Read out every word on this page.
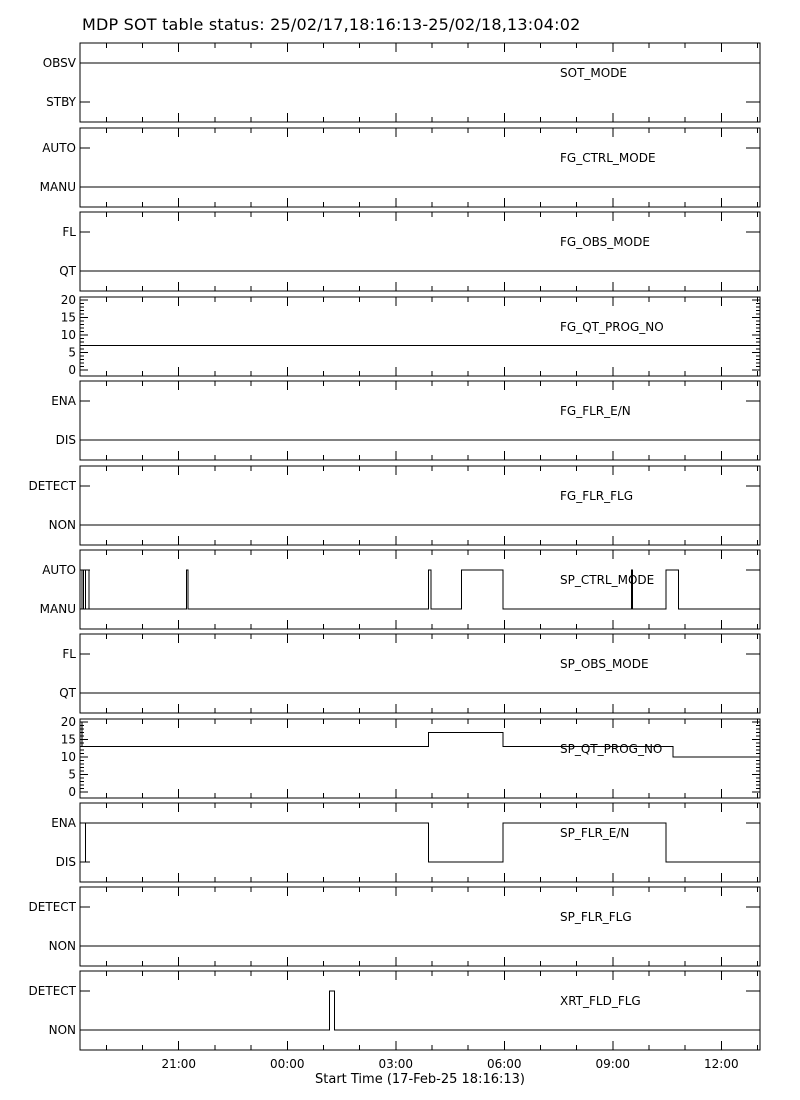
MDP SOT table status: 25/02/17,18:16:13-25/02/18,13:04:02
OBSV
STBY
SOT_MODE
AUTO
MANU
FG_CTRL_MODE
FL
QT
FG_OBS_MODE
0
5
10
15
20
FG_QT_PROG_NO
ENA
DIS
FG_FLR_E/N
DETECT
NON
FG_FLR_FLG
AUTO
MANU
SP_CTRL_MODE
FL
QT
SP_OBS_MODE
0
5
10
15
20
SP_QT_PROG_NO
ENA
DIS
SP_FLR_E/N
DETECT
NON
SP_FLR_FLG
DETECT
NON
XRT_FLD_FLG
21:00	00:00	03:00	06:00	09:00	12:00
Start Time (17-Feb-25 18:16:13)
